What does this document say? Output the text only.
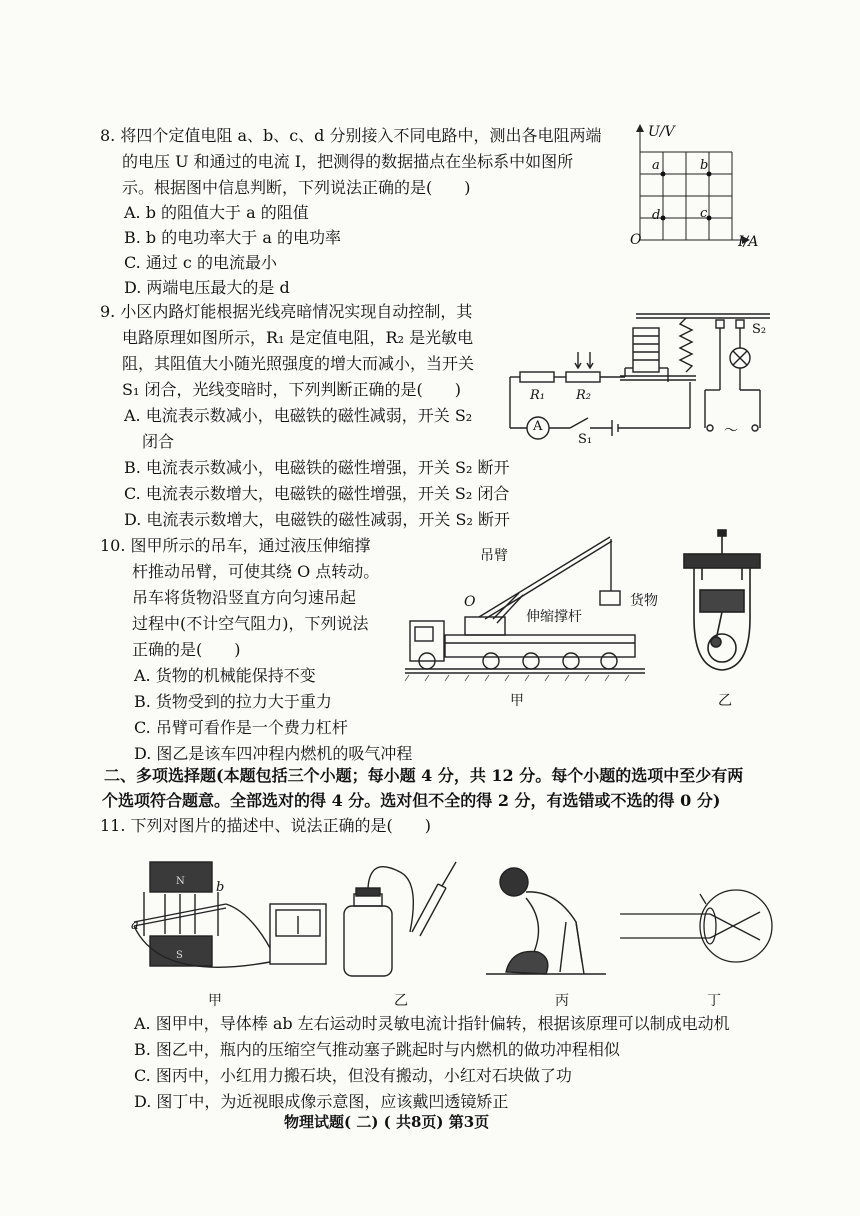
8. 将四个定值电阻 a、b、c、d 分别接入不同电路中，测出各电阻两端
的电压 U 和通过的电流 I，把测得的数据描点在坐标系中如图所
示。根据图中信息判断，下列说法正确的是(　　)
A. b 的阻值大于 a 的阻值
B. b 的电功率大于 a 的电功率
C. 通过 c 的电流最小
D. 两端电压最大的是 d
U/V
I/A
O
a	b
c
d
9. 小区内路灯能根据光线亮暗情况实现自动控制，其
电路原理如图所示，R₁ 是定值电阻，R₂ 是光敏电
阻，其阻值大小随光照强度的增大而减小，当开关
S₁ 闭合，光线变暗时，下列判断正确的是(　　)
A. 电流表示数减小，电磁铁的磁性减弱，开关 S₂
闭合
B. 电流表示数减小，电磁铁的磁性增强，开关 S₂ 断开
C. 电流表示数增大，电磁铁的磁性增强，开关 S₂ 闭合
D. 电流表示数增大，电磁铁的磁性减弱，开关 S₂ 断开
R₁ R₂
A
S₁
S₂
～
10. 图甲所示的吊车，通过液压伸缩撑
杆推动吊臂，可使其绕 O 点转动。
吊车将货物沿竖直方向匀速吊起
过程中(不计空气阻力)，下列说法
正确的是(　　)
A. 货物的机械能保持不变
B. 货物受到的拉力大于重力
C. 吊臂可看作是一个费力杠杆
D. 图乙是该车四冲程内燃机的吸气冲程
吊臂
O
伸缩撑杆
货物
甲	乙
二、多项选择题(本题包括三个小题；每小题 4 分，共 12 分。每个小题的选项中至少有两
个选项符合题意。全部选对的得 4 分。选对但不全的得 2 分，有选错或不选的得 0 分)
11. 下列对图片的描述中、说法正确的是(　　)
a
b
N
S
甲	乙	丙	丁
A. 图甲中，导体棒 ab 左右运动时灵敏电流计指针偏转，根据该原理可以制成电动机
B. 图乙中，瓶内的压缩空气推动塞子跳起时与内燃机的做功冲程相似
C. 图丙中，小红用力搬石块，但没有搬动，小红对石块做了功
D. 图丁中，为近视眼成像示意图，应该戴凹透镜矫正
物理试题( 二) ( 共8页) 第3页
